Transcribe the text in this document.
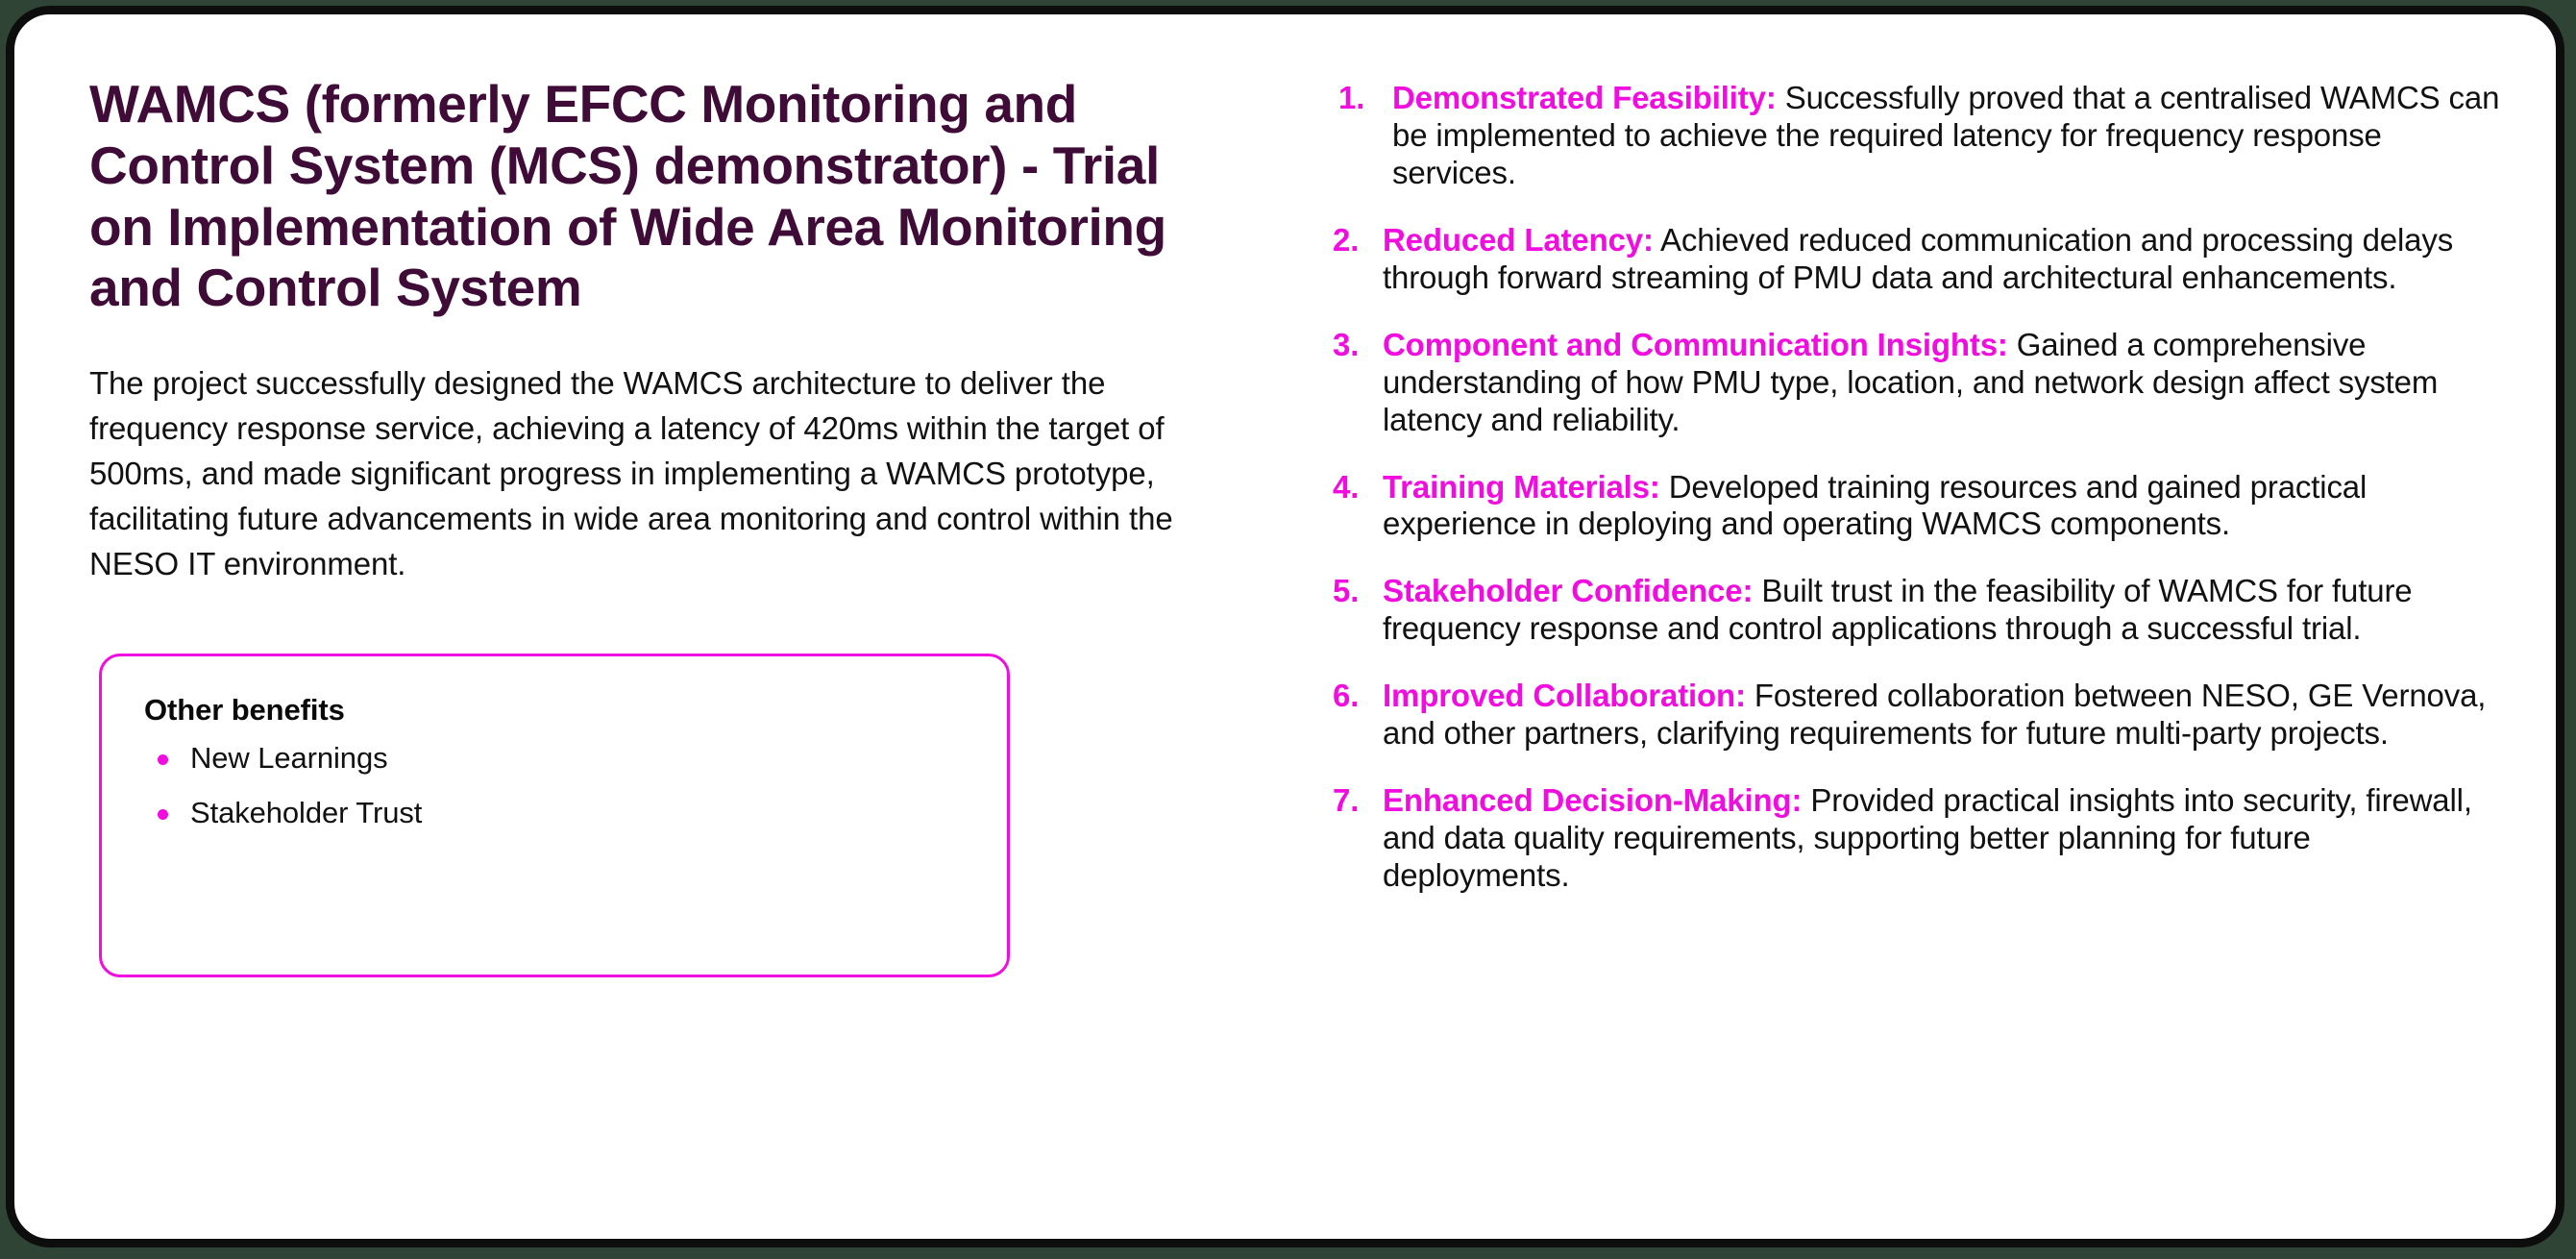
WAMCS (formerly EFCC Monitoring and Control System (MCS) demonstrator) - Trial on Implementation of Wide Area Monitoring and Control System

The project successfully designed the WAMCS architecture to deliver the frequency response service, achieving a latency of 420ms within the target of 500ms, and made significant progress in implementing a WAMCS prototype, facilitating future advancements in wide area monitoring and control within the NESO IT environment.

Other benefits
New Learnings
Stakeholder Trust
1. Demonstrated Feasibility: Successfully proved that a centralised WAMCS can be implemented to achieve the required latency for frequency response services.
2. Reduced Latency: Achieved reduced communication and processing delays through forward streaming of PMU data and architectural enhancements.
3. Component and Communication Insights: Gained a comprehensive understanding of how PMU type, location, and network design affect system latency and reliability.
4. Training Materials: Developed training resources and gained practical experience in deploying and operating WAMCS components.
5. Stakeholder Confidence: Built trust in the feasibility of WAMCS for future frequency response and control applications through a successful trial.
6. Improved Collaboration: Fostered collaboration between NESO, GE Vernova, and other partners, clarifying requirements for future multi-party projects.
7. Enhanced Decision-Making: Provided practical insights into security, firewall, and data quality requirements, supporting better planning for future deployments.
